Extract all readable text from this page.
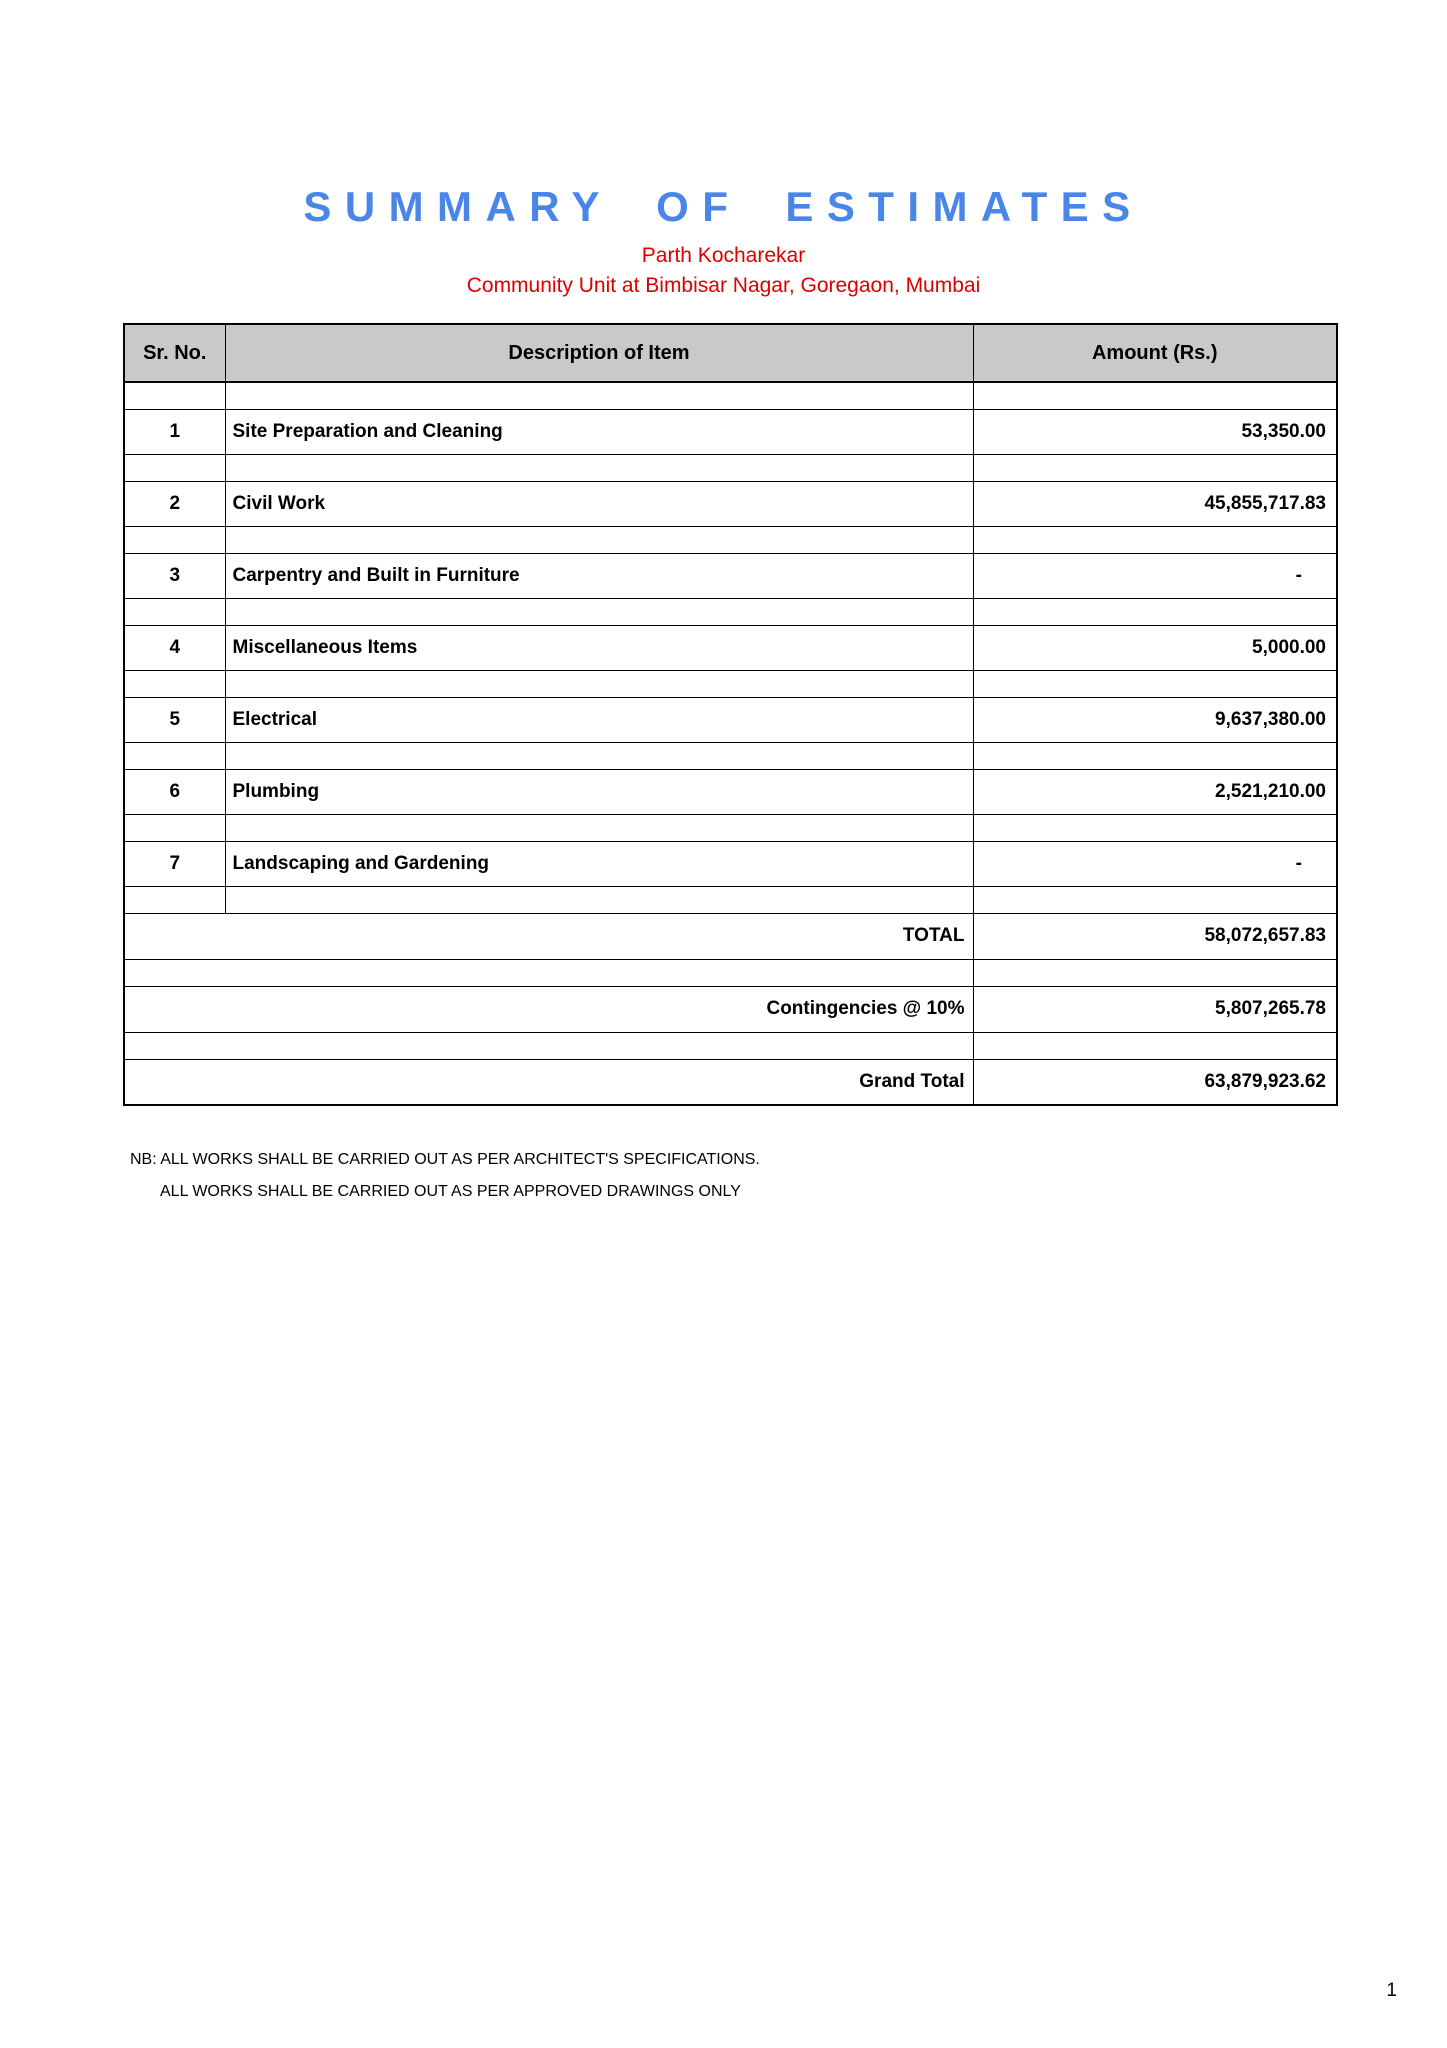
SUMMARY OF ESTIMATES
Parth Kocharekar
Community Unit at Bimbisar Nagar, Goregaon, Mumbai
Sr. No.	Description of Item	Amount (Rs.)

1	Site Preparation and Cleaning	53,350.00

2	Civil Work	45,855,717.83

3	Carpentry and Built in Furniture	-

4	Miscellaneous Items	5,000.00

5	Electrical	9,637,380.00

6	Plumbing	2,521,210.00

7	Landscaping and Gardening	-

TOTAL		58,072,657.83

Contingencies @ 10%		5,807,265.78

Grand Total		63,879,923.62
NB: ALL WORKS SHALL BE CARRIED OUT AS PER ARCHITECT'S SPECIFICATIONS.
ALL WORKS SHALL BE CARRIED OUT AS PER APPROVED DRAWINGS ONLY
1
